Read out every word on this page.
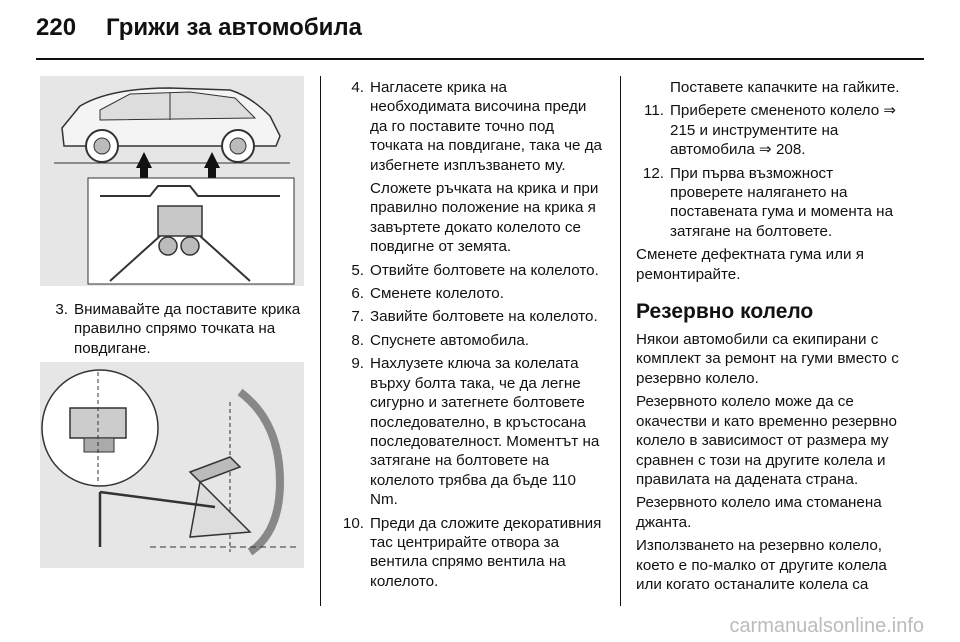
220 Грижи за автомобила
3. Внимавайте да поставите крика правилно спрямо точката на повдигане.
4. Нагласете крика на необходимата височина преди да го поставите точно под точката на повдигане, така че да избегнете изплъзването му.
Сложете ръчката на крика и при правилно положение на крика я завъртете докато колелото се повдигне от земята.
5. Отвийте болтовете на колелото.
6. Сменете колелото.
7. Завийте болтовете на колелото.
8. Спуснете автомобила.
9. Нахлузете ключа за колелата върху болта така, че да легне сигурно и затегнете болтовете последователно, в кръстосана последователност. Моментът на затягане на болтовете на колелото трябва да бъде 110 Nm.
10. Преди да сложите декоративния тас центрирайте отвора за вентила спрямо вентила на колелото.

Поставете капачките на гайките.

11. Приберете смененото колело ⇒ 215 и инструментите на автомобила ⇒ 208.
12. При първа възможност проверете налягането на поставената гума и момента на затягане на болтовете.

Сменете дефектната гума или я ремонтирайте.

Резервно колело

Някои автомобили са екипирани с комплект за ремонт на гуми вместо с резервно колело.

Резервното колело може да се окачестви и като временно резервно колело в зависимост от размера му сравнен с този на другите колела и правилата на дадената страна.

Резервното колело има стоманена джанта.

Използването на резервно колело, което е по-малко от другите колела или когато останалите колела са

carmanualsonline.info
